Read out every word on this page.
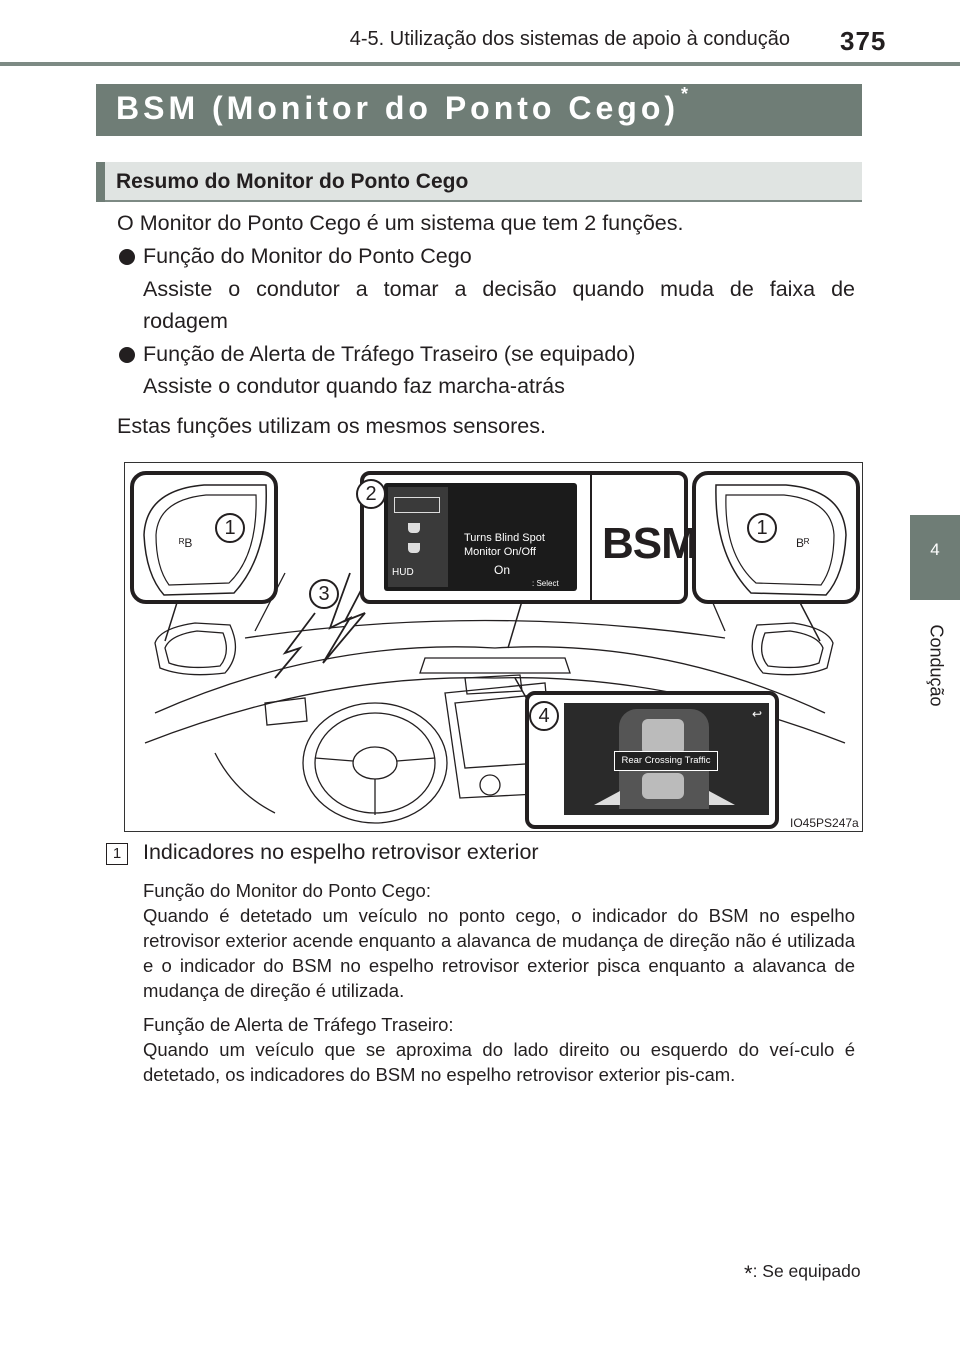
4-5. Utilização dos sistemas de apoio à condução 375
4
Condução
BSM (Monitor do Ponto Cego) *
Resumo do Monitor do Ponto Cego
O Monitor do Ponto Cego é um sistema que tem 2 funções.
Função do Monitor do Ponto Cego
Assiste o condutor a tomar a decisão quando muda de faixa de
rodagem
Função de Alerta de Tráfego Traseiro (se equipado)
Assiste o condutor quando faz marcha-atrás
Estas funções utilizam os mesmos sensores.
ᴿB
1
Bᴿ
1
HUD
Turns Blind Spot
Monitor On/Off
On
: Select
BSM
2
3
Rear Crossing Traffic
↩
4
IO45PS247a
1	Indicadores no espelho retrovisor exterior
Função do Monitor do Ponto Cego:
Quando é detetado um veículo no ponto cego, o indicador do BSM no espelho retrovisor exterior acende enquanto a alavanca de mudança de direção não é utilizada e o indicador do BSM no espelho retrovisor exterior pisca enquanto a alavanca de mudança de direção é utilizada.
Função de Alerta de Tráfego Traseiro:
Quando um veículo que se aproxima do lado direito ou esquerdo do veí-culo é detetado, os indicadores do BSM no espelho retrovisor exterior pis-cam.
*: Se equipado
